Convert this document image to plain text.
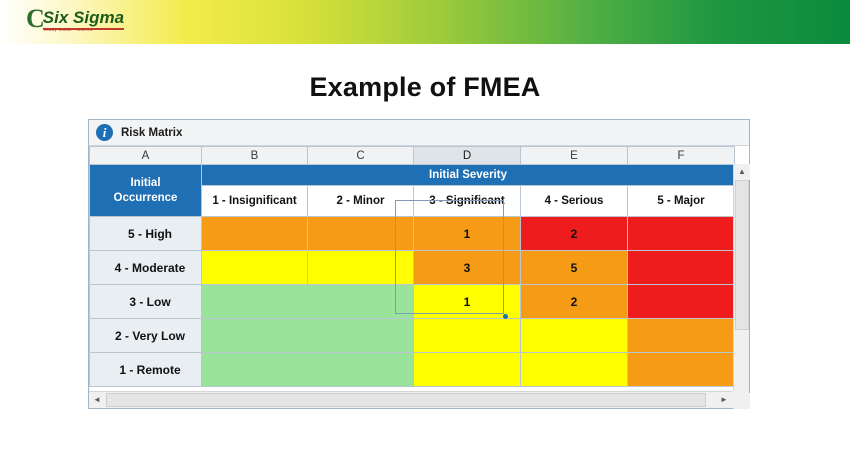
C
Six Sigma
Study Guide · DMAIC
Example of FMEA
i	Risk Matrix
A	B	C	D	E	F

Initial
Occurrence	Initial Severity				
	1 - Insignificant	2 - Minor	3 - Significant	4 - Serious	5 - Major
5 - High			1	2	
4 - Moderate			3	5	
3 - Low			1	2	
2 - Very Low					
1 - Remote					
▲
◄	►
